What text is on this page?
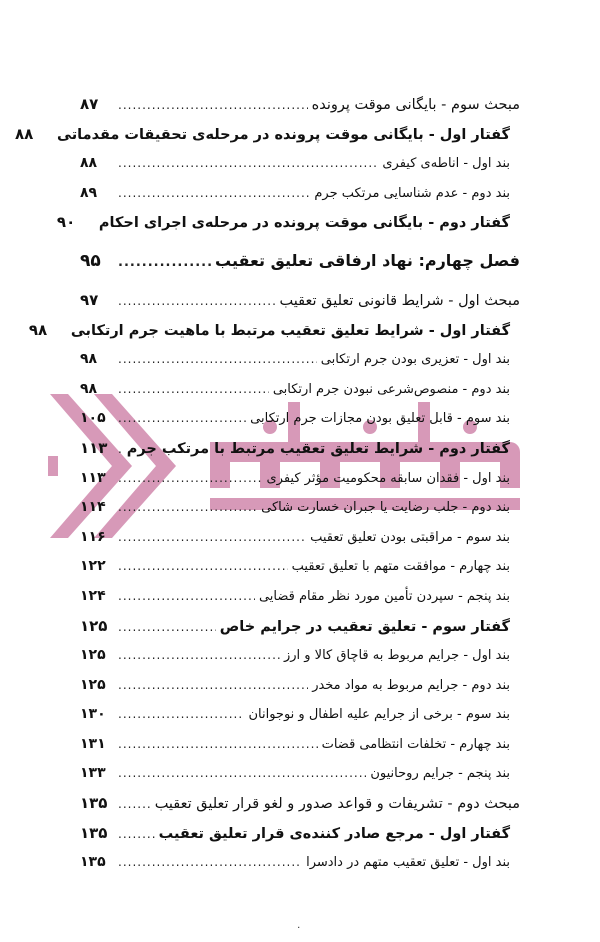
مبحث سوم - بایگانی موقت پرونده
.....
۸۷
گفتار اول - بایگانی موقت پرونده در مرحله‌ی تحقیقات مقدماتی
۸۸
بند اول - اناطه‌ی کیفری
.....
۸۸
بند دوم - عدم شناسایی مرتکب جرم
.....
۸۹
گفتار دوم - بایگانی موقت پرونده در مرحله‌ی اجرای احکام
۹۰
فصل چهارم: نهاد ارفاقی تعلیق تعقیب
.....
۹۵
مبحث اول - شرایط قانونی تعلیق تعقیب
.....
۹۷
گفتار اول - شرایط تعلیق تعقیب مرتبط با ماهیت جرم ارتکابی
۹۸
بند اول - تعزیری بودن جرم ارتکابی
.....
۹۸
بند دوم - منصوص‌شرعی نبودن جرم ارتکابی
.....
۹۸
بند سوم - قابل تعلیق بودن مجازات جرم ارتکابی
.....
۱۰۵
گفتار دوم - شرایط تعلیق تعقیب مرتبط با مرتکب جرم
.....
۱۱۳
بند اول - فقدان سابقه محکومیت مؤثر کیفری
.....
۱۱۳
بند دوم - جلب رضایت یا جبران خسارت شاکی
.....
۱۱۴
بند سوم - مراقبتی بودن تعلیق تعقیب
.....
۱۱۶
بند چهارم - موافقت متهم با تعلیق تعقیب
.....
۱۲۲
بند پنجم - سپردن تأمین مورد نظر مقام قضایی
.....
۱۲۴
گفتار سوم - تعلیق تعقیب در جرایم خاص
.....
۱۲۵
بند اول - جرایم مربوط به قاچاق کالا و ارز
.....
۱۲۵
بند دوم - جرایم مربوط به مواد مخدر
.....
۱۲۵
بند سوم - برخی از جرایم علیه اطفال و نوجوانان
.....
۱۳۰
بند چهارم - تخلفات انتظامی قضات
.....
۱۳۱
بند پنجم - جرایم روحانیون
.....
۱۳۳
مبحث دوم - تشریفات و قواعد صدور و لغو قرار تعلیق تعقیب
.....
۱۳۵
گفتار اول - مرجع صادر کننده‌ی قرار تعلیق تعقیب
.....
۱۳۵
بند اول - تعلیق تعقیب متهم در دادسرا
.....
۱۳۵
۰
